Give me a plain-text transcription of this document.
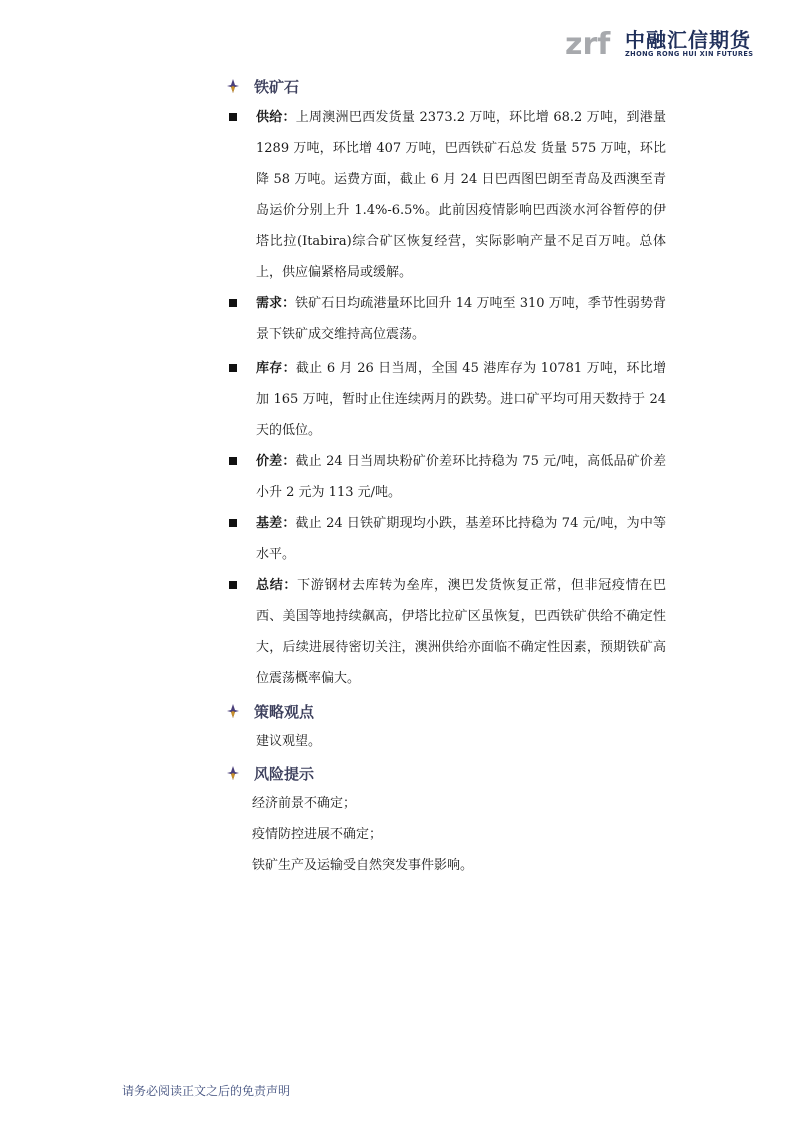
zrf 中融汇信期货
ZHONG RONG HUI XIN FUTURES
铁矿石
供给：上周澳洲巴西发货量 2373.2 万吨，环比增 68.2 万吨，到港量 1289 万吨，环比增 407 万吨，巴西铁矿石总发 货量 575 万吨，环比降 58 万吨。运费方面，截止 6 月 24 日巴西图巴朗至青岛及西澳至青岛运价分别上升 1.4%-6.5%。此前因疫情影响巴西淡水河谷暂停的伊塔比拉(Itabira)综合矿区恢复经营，实际影响产量不足百万吨。总体上，供应偏紧格局或缓解。
需求：铁矿石日均疏港量环比回升 14 万吨至 310 万吨，季节性弱势背景下铁矿成交维持高位震荡。
库存：截止 6 月 26 日当周，全国 45 港库存为 10781 万吨，环比增加 165 万吨，暂时止住连续两月的跌势。进口矿平均可用天数持于 24 天的低位。
价差：截止 24 日当周块粉矿价差环比持稳为 75 元/吨，高低品矿价差小升 2 元为 113 元/吨。
基差：截止 24 日铁矿期现均小跌，基差环比持稳为 74 元/吨，为中等水平。
总结：下游钢材去库转为垒库，澳巴发货恢复正常，但非冠疫情在巴西、美国等地持续飙高，伊塔比拉矿区虽恢复，巴西铁矿供给不确定性大，后续进展待密切关注，澳洲供给亦面临不确定性因素，预期铁矿高位震荡概率偏大。
策略观点
建议观望。
风险提示
经济前景不确定；
疫情防控进展不确定；
铁矿生产及运输受自然突发事件影响。
请务必阅读正文之后的免责声明
